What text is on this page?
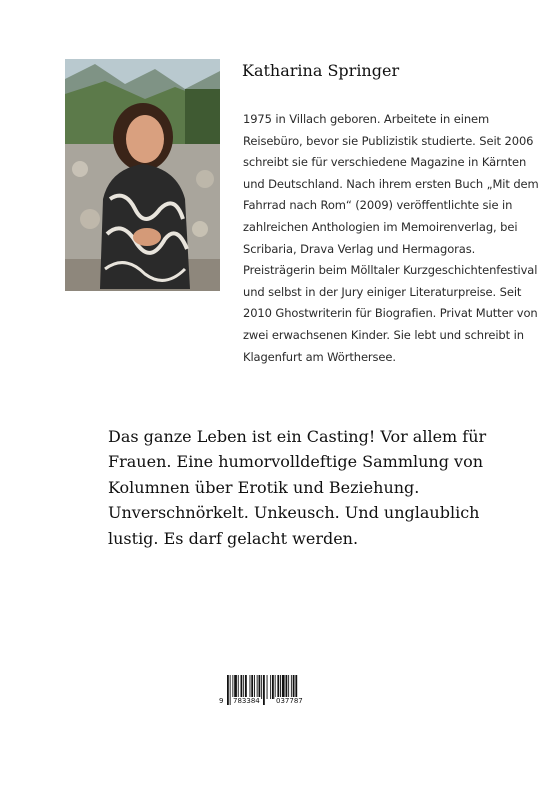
Katharina Springer
1975 in Villach geboren. Arbeitete in einem
Reisebüro, bevor sie Publizistik studierte. Seit 2006
schreibt sie für verschiedene Magazine in Kärnten
und Deutschland. Nach ihrem ersten Buch „Mit dem
Fahrrad nach Rom“ (2009) veröffentlichte sie in
zahlreichen Anthologien im Memoirenverlag, bei
Scribaria, Drava Verlag und Hermagoras.
Preisträgerin beim Mölltaler Kurzgeschichtenfestival
und selbst in der Jury einiger Literaturpreise. Seit
2010 Ghostwriterin für Biografien. Privat Mutter von
zwei erwachsenen Kinder. Sie lebt und schreibt in
Klagenfurt am Wörthersee.
Das ganze Leben ist ein Casting! Vor allem für
Frauen. Eine humorvolldeftige Sammlung von
Kolumnen über Erotik und Beziehung.
Unverschnörkelt. Unkeusch. Und unglaublich
lustig. Es darf gelacht werden.
9 783384 037787
